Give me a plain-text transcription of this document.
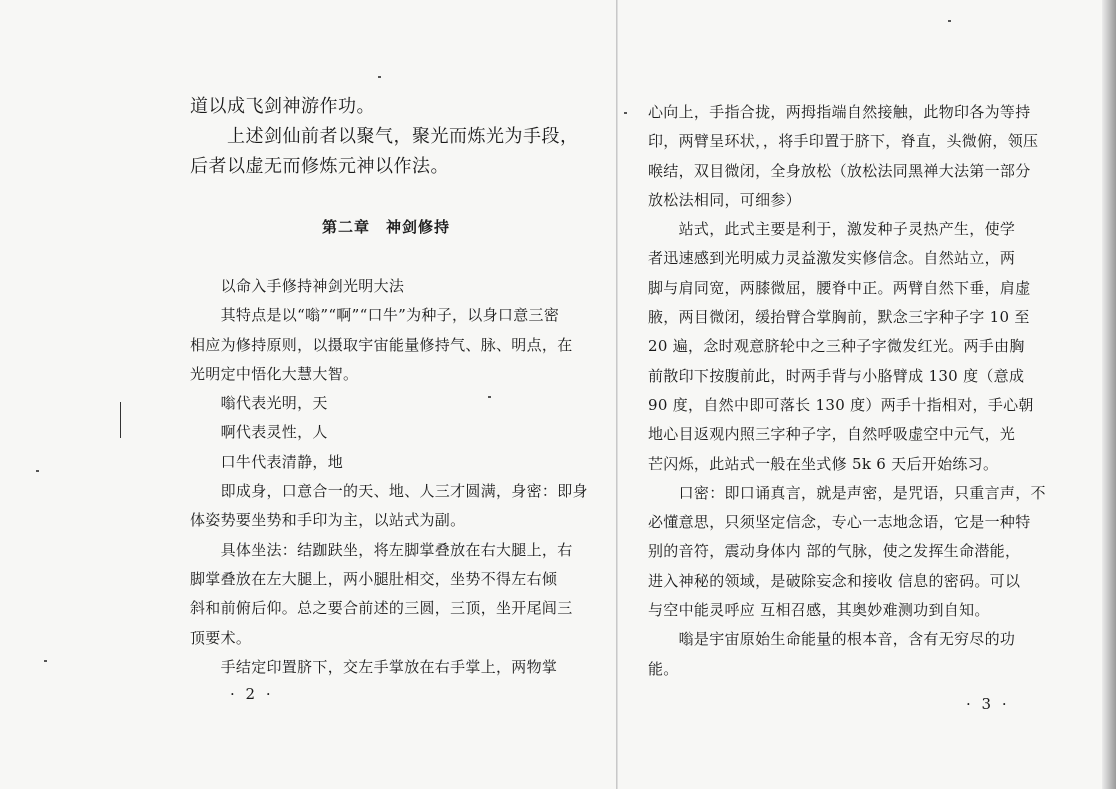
道以成飞剑神游作功。

　　上述剑仙前者以聚气，聚光而炼光为手段，

后者以虚无而修炼元神以作法。

第二章　神剑修持

　　以命入手修持神剑光明大法

　　其特点是以“嗡”“啊”“口牛”为种子，以身口意三密

相应为修持原则，以摄取宇宙能量修持气、脉、明点，在

光明定中悟化大慧大智。

　　嗡代表光明，天

　　啊代表灵性，人

　　口牛代表清静，地

　　即成身，口意合一的天、地、人三才圆满，身密：即身

体姿势要坐势和手印为主，以站式为副。

　　具体坐法：结跏趺坐，将左脚掌叠放在右大腿上，右

脚掌叠放在左大腿上，两小腿肚相交，坐势不得左右倾

斜和前俯后仰。总之要合前述的三圆，三顶，坐开尾闾三

顶要术。

　　手结定印置脐下，交左手掌放在右手掌上，两物掌

· 2 ·

心向上，手指合拢，两拇指端自然接触，此物印各为等持

印，两臂呈环状，，将手印置于脐下，脊直，头微俯，领压

喉结，双目微闭，全身放松（放松法同黑禅大法第一部分

放松法相同，可细参）

　　站式，此式主要是利于，激发种子灵热产生，使学

者迅速感到光明威力灵益激发实修信念。自然站立，两

脚与肩同宽，两膝微屈，腰脊中正。两臂自然下垂，肩虚

腋，两目微闭，缓抬臂合掌胸前，默念三字种子字 10 至

20 遍，念时观意脐轮中之三种子字微发红光。两手由胸

前散印下按腹前此，时两手背与小胳臂成 130 度（意成

90 度，自然中即可落长 130 度）两手十指相对，手心朝

地心目返观内照三字种子字，自然呼吸虚空中元气，光

芒闪烁，此站式一般在坐式修 5k 6 天后开始练习。

　　口密：即口诵真言，就是声密，是咒语，只重言声，不

必懂意思，只须坚定信念，专心一志地念语，它是一种特

别的音符，震动身体内 部的气脉，使之发挥生命潜能，

进入神秘的领域，是破除妄念和接收 信息的密码。可以

与空中能灵呼应 互相召感，其奥妙难测功到自知。

　　嗡是宇宙原始生命能量的根本音，含有无穷尽的功

能。

· 3 ·
